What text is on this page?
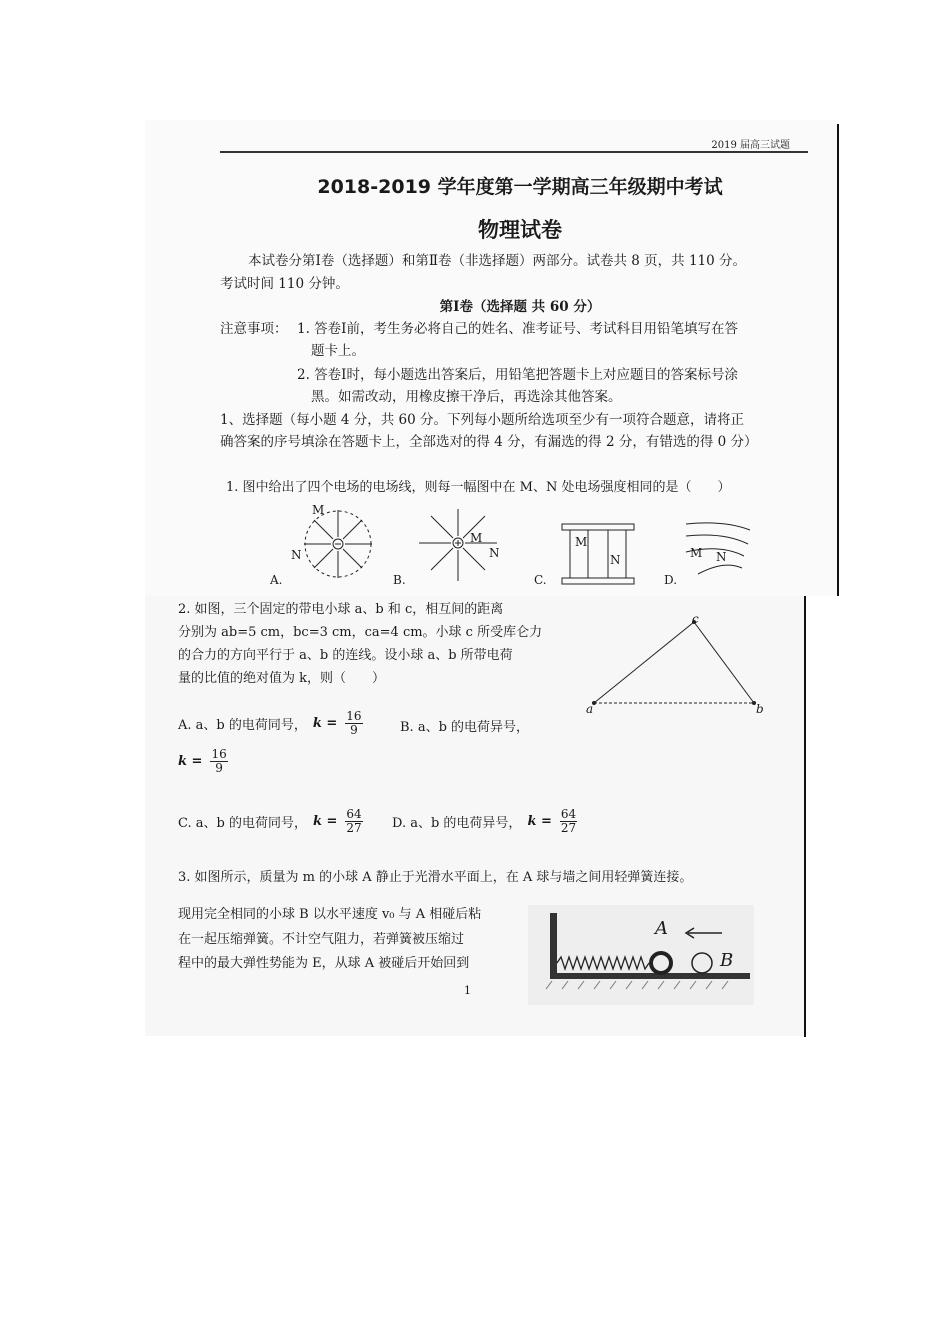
2019 届高三试题
2018-2019 学年度第一学期高三年级期中考试
物理试卷
本试卷分第Ⅰ卷（选择题）和第Ⅱ卷（非选择题）两部分。试卷共 8 页，共 110 分。
考试时间 110 分钟。
第Ⅰ卷（选择题 共 60 分）
注意事项： 1. 答卷Ⅰ前，考生务必将自己的姓名、准考证号、考试科目用铅笔填写在答
题卡上。
2. 答卷Ⅰ时，每小题选出答案后，用铅笔把答题卡上对应题目的答案标号涂
黑。如需改动，用橡皮擦干净后，再选涂其他答案。
1、选择题（每小题 4 分，共 60 分。下列每小题所给选项至少有一项符合题意，请将正
确答案的序号填涂在答题卡上，全部选对的得 4 分，有漏选的得 2 分，有错选的得 0 分）
1. 图中给出了四个电场的电场线，则每一幅图中在 M、N 处电场强度相同的是（　　）
M
N
A.
M
N
B.
M
N
C.
M N
D.
2. 如图，三个固定的带电小球 a、b 和 c，相互间的距离
分别为 ab=5 cm，bc=3 cm，ca=4 cm。小球 c 所受库仑力
的合力的方向平行于 a、b 的连线。设小球 a、b 所带电荷
量的比值的绝对值为 k，则（　　）
a	b
c
A. a、b 的电荷同号， $k = \frac{16}{9}$	B. a、b 的电荷异号，
$k = \frac{16}{9}$
C. a、b 的电荷同号， $k = \frac{64}{27} D$. a、b 的电荷异号， $k = \frac{64}{27}$
3. 如图所示，质量为 m 的小球 A 静止于光滑水平面上，在 A 球与墙之间用轻弹簧连接。
现用完全相同的小球 B 以水平速度 v₀ 与 A 相碰后粘
在一起压缩弹簧。不计空气阻力，若弹簧被压缩过
程中的最大弹性势能为 E，从球 A 被碰后开始回到
A
B
1
